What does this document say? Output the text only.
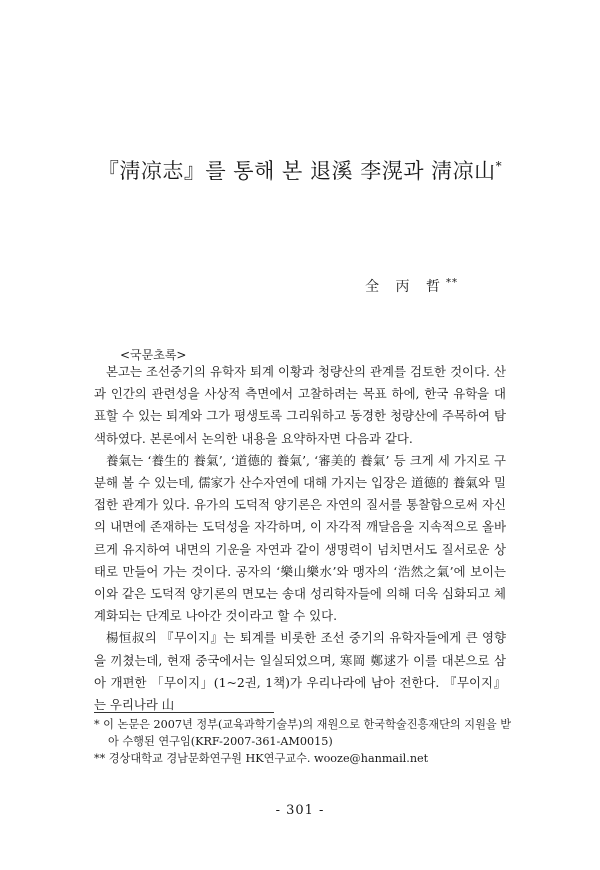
『淸凉志』를 통해 본 退溪 李滉과 淸凉山*
全 丙 哲**
<국문초록>

본고는 조선중기의 유학자 퇴계 이황과 청량산의 관계를 검토한 것이다. 산과 인간의 관련성을 사상적 측면에서 고찰하려는 목표 하에, 한국 유학을 대표할 수 있는 퇴계와 그가 평생토록 그리워하고 동경한 청량산에 주목하여 탐색하였다. 본론에서 논의한 내용을 요약하자면 다음과 같다.

養氣는 ‘養生的 養氣’, ‘道德的 養氣’, ‘審美的 養氣’ 등 크게 세 가지로 구분해 볼 수 있는데, 儒家가 산수자연에 대해 가지는 입장은 道德的 養氣와 밀접한 관계가 있다. 유가의 도덕적 양기론은 자연의 질서를 통찰함으로써 자신의 내면에 존재하는 도덕성을 자각하며, 이 자각적 깨달음을 지속적으로 올바르게 유지하여 내면의 기운을 자연과 같이 생명력이 넘치면서도 질서로운 상태로 만들어 가는 것이다. 공자의 ‘樂山樂水’와 맹자의 ‘浩然之氣’에 보이는 이와 같은 도덕적 양기론의 면모는 송대 성리학자들에 의해 더욱 심화되고 체계화되는 단계로 나아간 것이라고 할 수 있다.

楊恒叔의 『무이지』는 퇴계를 비롯한 조선 중기의 유학자들에게 큰 영향을 끼쳤는데, 현재 중국에서는 일실되었으며, 寒岡 鄭逑가 이를 대본으로 삼아 개편한 「무이지」(1~2권, 1책)가 우리나라에 남아 전한다. 『무이지』는 우리나라 山

* 이 논문은 2007년 정부(교육과학기술부)의 재원으로 한국학술진흥재단의 지원을 받아 수행된 연구임(KRF-2007-361-AM0015)

** 경상대학교 경남문화연구원 HK연구교수. wooze@hanmail.net

- 301 -
